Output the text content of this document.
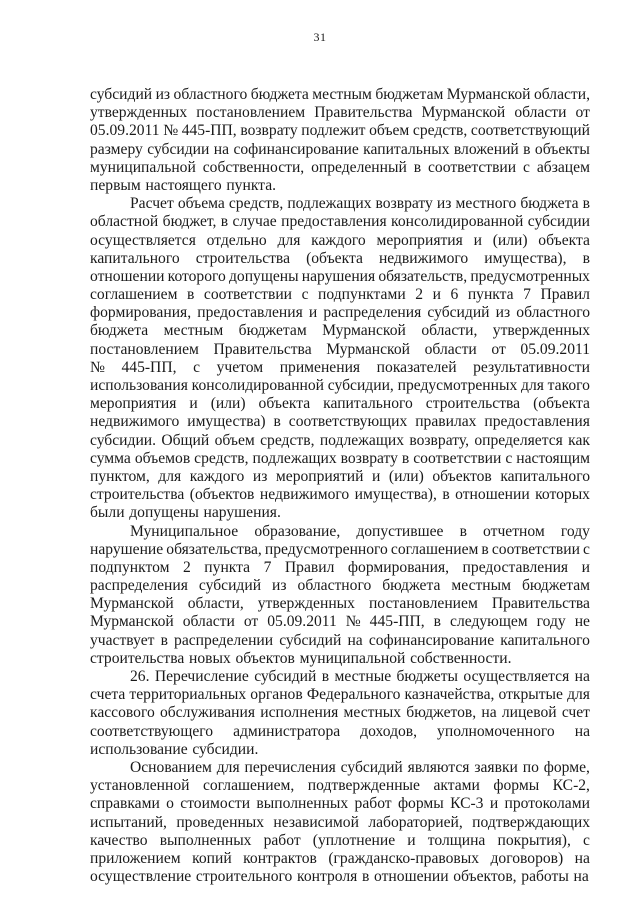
31
субсидий из областного бюджета местным бюджетам Мурманской области,
утвержденных постановлением Правительства Мурманской области от
05.09.2011 № 445-ПП, возврату подлежит объем средств, соответствующий
размеру субсидии на софинансирование капитальных вложений в объекты
муниципальной собственности, определенный в соответствии с абзацем
первым настоящего пункта.
Расчет объема средств, подлежащих возврату из местного бюджета в
областной бюджет, в случае предоставления консолидированной субсидии
осуществляется отдельно для каждого мероприятия и (или) объекта
капитального строительства (объекта недвижимого имущества), в
отношении которого допущены нарушения обязательств, предусмотренных
соглашением в соответствии с подпунктами 2 и 6 пункта 7 Правил
формирования, предоставления и распределения субсидий из областного
бюджета местным бюджетам Мурманской области, утвержденных
постановлением Правительства Мурманской области от 05.09.2011
№ 445-ПП, с учетом применения показателей результативности
использования консолидированной субсидии, предусмотренных для такого
мероприятия и (или) объекта капитального строительства (объекта
недвижимого имущества) в соответствующих правилах предоставления
субсидии. Общий объем средств, подлежащих возврату, определяется как
сумма объемов средств, подлежащих возврату в соответствии с настоящим
пунктом, для каждого из мероприятий и (или) объектов капитального
строительства (объектов недвижимого имущества), в отношении которых
были допущены нарушения.
Муниципальное образование, допустившее в отчетном году
нарушение обязательства, предусмотренного соглашением в соответствии с
подпунктом 2 пункта 7 Правил формирования, предоставления и
распределения субсидий из областного бюджета местным бюджетам
Мурманской области, утвержденных постановлением Правительства
Мурманской области от 05.09.2011 № 445-ПП, в следующем году не
участвует в распределении субсидий на софинансирование капитального
строительства новых объектов муниципальной собственности.
26. Перечисление субсидий в местные бюджеты осуществляется на
счета территориальных органов Федерального казначейства, открытые для
кассового обслуживания исполнения местных бюджетов, на лицевой счет
соответствующего администратора доходов, уполномоченного на
использование субсидии.
Основанием для перечисления субсидий являются заявки по форме,
установленной соглашением, подтвержденные актами формы КС-2,
справками о стоимости выполненных работ формы КС-3 и протоколами
испытаний, проведенных независимой лабораторией, подтверждающих
качество выполненных работ (уплотнение и толщина покрытия), с
приложением копий контрактов (гражданско-правовых договоров) на
осуществление строительного контроля в отношении объектов, работы на
